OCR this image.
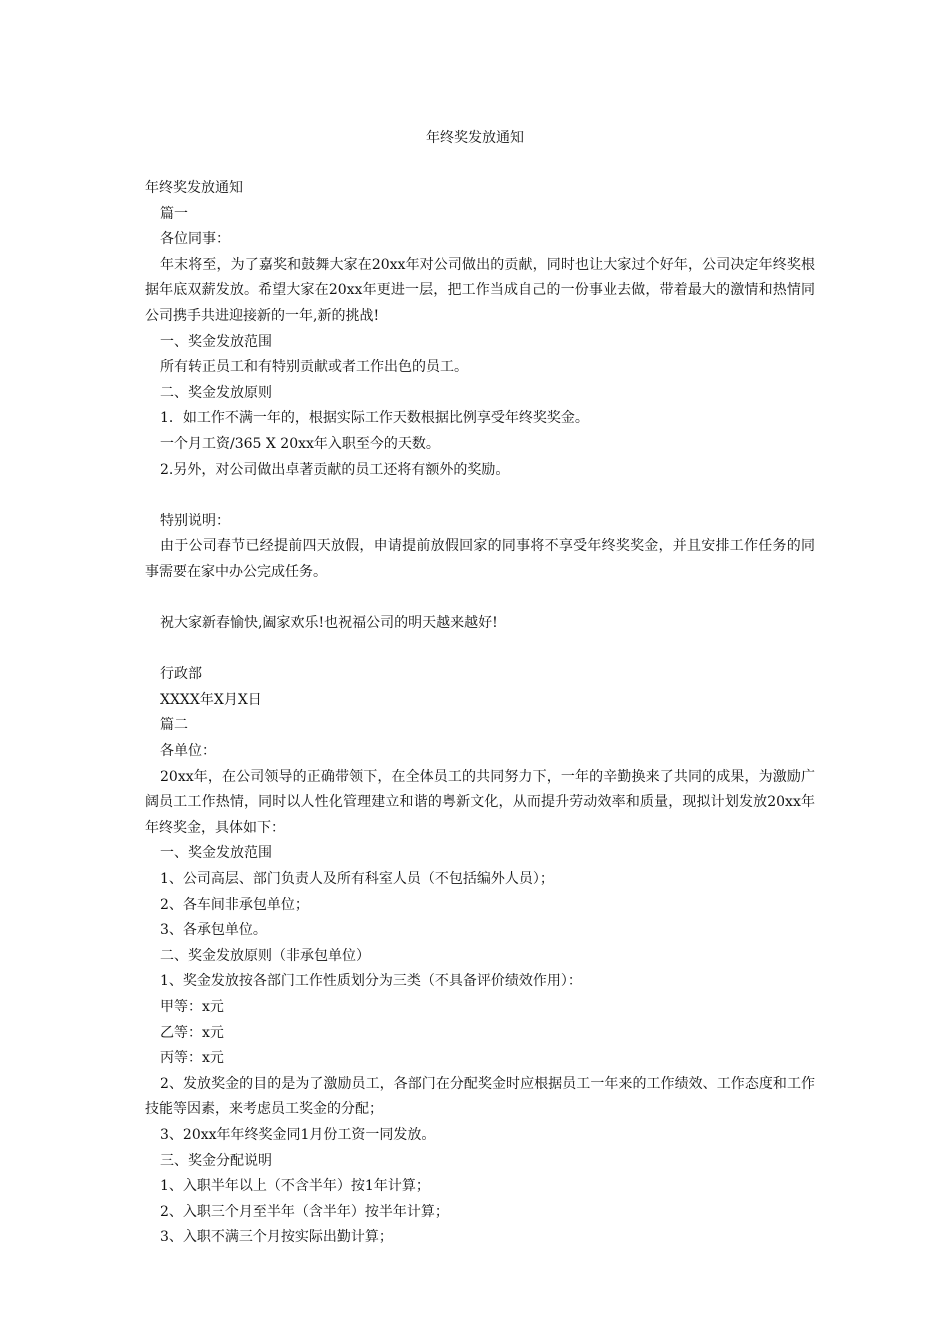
年终奖发放通知
年终奖发放通知
篇一
各位同事：
年末将至，为了嘉奖和鼓舞大家在20xx年对公司做出的贡献，同时也让大家过个好年，公司决定年终奖根据年底双薪发放。希望大家在20xx年更进一层，把工作当成自己的一份事业去做，带着最大的激情和热情同公司携手共进迎接新的一年,新的挑战!
一、奖金发放范围
所有转正员工和有特别贡献或者工作出色的员工。
二、奖金发放原则
1．如工作不满一年的，根据实际工作天数根据比例享受年终奖奖金。
一个月工资/365 X 20xx年入职至今的天数。
2.另外，对公司做出卓著贡献的员工还将有额外的奖励。
特别说明：
由于公司春节已经提前四天放假，申请提前放假回家的同事将不享受年终奖奖金，并且安排工作任务的同事需要在家中办公完成任务。
祝大家新春愉快,阖家欢乐!也祝福公司的明天越来越好!
行政部
XXXX年X月X日
篇二
各单位：
20xx年，在公司领导的正确带领下，在全体员工的共同努力下，一年的辛勤换来了共同的成果，为激励广阔员工工作热情，同时以人性化管理建立和谐的粤新文化，从而提升劳动效率和质量，现拟计划发放20xx年年终奖金，具体如下：
一、奖金发放范围
1、公司高层、部门负责人及所有科室人员（不包括编外人员）；
2、各车间非承包单位；
3、各承包单位。
二、奖金发放原则（非承包单位）
1、奖金发放按各部门工作性质划分为三类（不具备评价绩效作用）：
甲等：x元
乙等：x元
丙等：x元
2、发放奖金的目的是为了激励员工，各部门在分配奖金时应根据员工一年来的工作绩效、工作态度和工作技能等因素，来考虑员工奖金的分配；
3、20xx年年终奖金同1月份工资一同发放。
三、奖金分配说明
1、入职半年以上（不含半年）按1年计算；
2、入职三个月至半年（含半年）按半年计算；
3、入职不满三个月按实际出勤计算；
